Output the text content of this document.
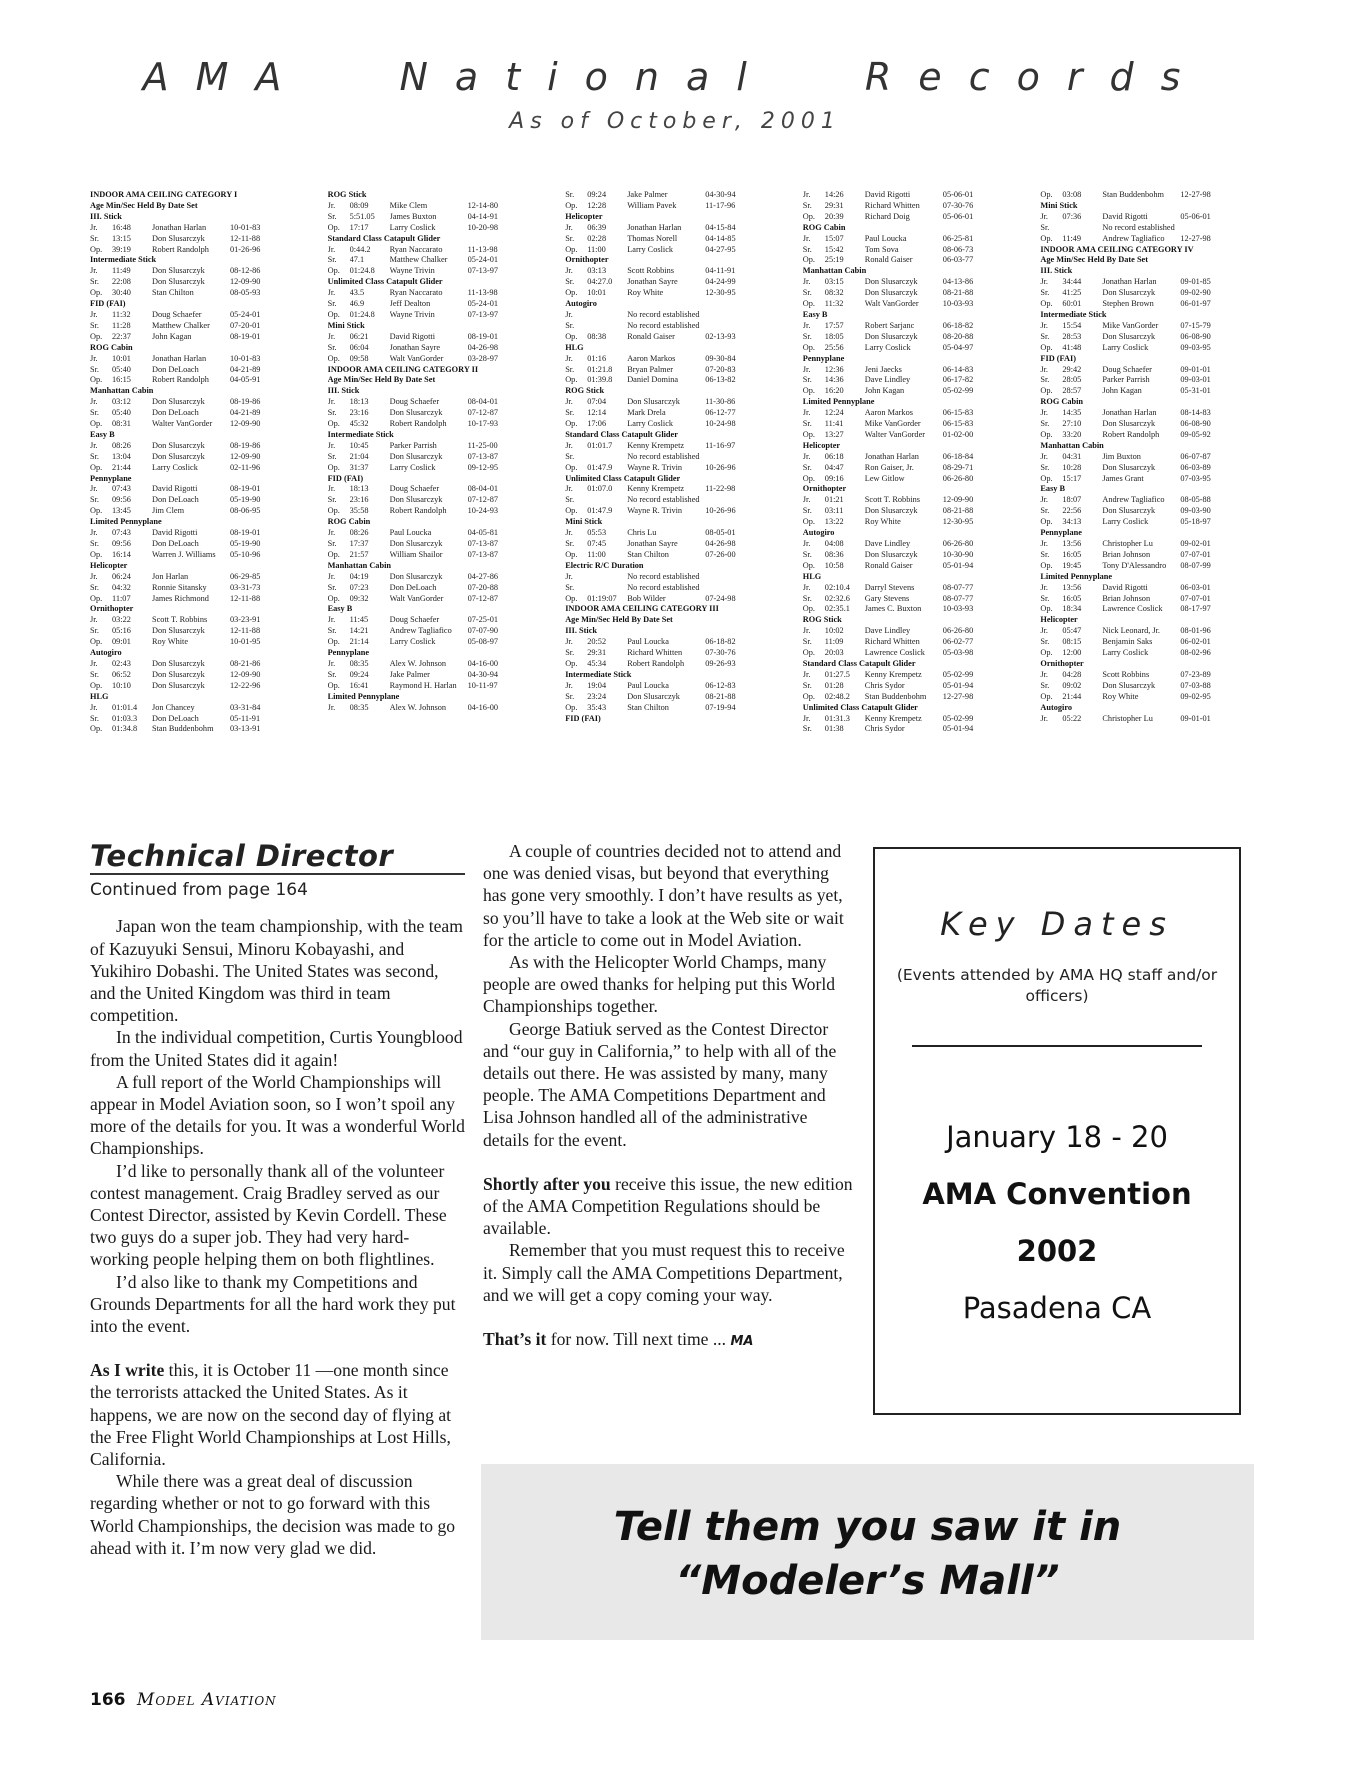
AMA National Records
As of October, 2001
INDOOR AMA CEILING CATEGORY I
Age Min/Sec Held By Date Set
III. Stick
Jr.	16:48	Jonathan Harlan	10-01-83
Sr.	13:15	Don Slusarczyk	12-11-88
Op.	39:19	Robert Randolph	01-26-96
Intermediate Stick
Jr.	11:49	Don Slusarczyk	08-12-86
Sr.	22:08	Don Slusarczyk	12-09-90
Op.	30:40	Stan Chilton	08-05-93
FID (FAI)
Jr.	11:32	Doug Schaefer	05-24-01
Sr.	11:28	Matthew Chalker	07-20-01
Op.	22:37	John Kagan	08-19-01
ROG Cabin
Jr.	10:01	Jonathan Harlan	10-01-83
Sr.	05:40	Don DeLoach	04-21-89
Op.	16:15	Robert Randolph	04-05-91
Manhattan Cabin
Jr.	03:12	Don Slusarczyk	08-19-86
Sr.	05:40	Don DeLoach	04-21-89
Op.	08:31	Walter VanGorder	12-09-90
Easy B
Jr.	08:26	Don Slusarczyk	08-19-86
Sr.	13:04	Don Slusarczyk	12-09-90
Op.	21:44	Larry Coslick	02-11-96
Pennyplane
Jr.	07:43	David Rigotti	08-19-01
Sr.	09:56	Don DeLoach	05-19-90
Op.	13:45	Jim Clem	08-06-95
Limited Pennyplane
Jr.	07:43	David Rigotti	08-19-01
Sr.	09:56	Don DeLoach	05-19-90
Op.	16:14	Warren J. Williams	05-10-96
Helicopter
Jr.	06:24	Jon Harlan	06-29-85
Sr.	04:32	Ronnie Sitansky	03-31-73
Op.	11:07	James Richmond	12-11-88
Ornithopter
Jr.	03:22	Scott T. Robbins	03-23-91
Sr.	05:16	Don Slusarczyk	12-11-88
Op.	09:01	Roy White	10-01-95
Autogiro
Jr.	02:43	Don Slusarczyk	08-21-86
Sr.	06:52	Don Slusarczyk	12-09-90
Op.	10:10	Don Slusarczyk	12-22-96
HLG
Jr.	01:01.4	Jon Chancey	03-31-84
Sr.	01:03.3	Don DeLoach	05-11-91
Op.	01:34.8	Stan Buddenbohm	03-13-91
ROG Stick
Jr.	08:09	Mike Clem	12-14-80
Sr.	5:51.05	James Buxton	04-14-91
Op.	17:17	Larry Coslick	10-20-98
Standard Class Catapult Glider
Jr.	0:44.2	Ryan Naccarato	11-13-98
Sr.	47.1	Matthew Chalker	05-24-01
Op.	01:24.8	Wayne Trivin	07-13-97
Unlimited Class Catapult Glider
Jr.	43.5	Ryan Naccarato	11-13-98
Sr.	46.9	Jeff Dealton	05-24-01
Op.	01:24.8	Wayne Trivin	07-13-97
Mini Stick
Jr.	06:21	David Rigotti	08-19-01
Sr.	06:04	Jonathan Sayre	04-26-98
Op.	09:58	Walt VanGorder	03-28-97
INDOOR AMA CEILING CATEGORY II
Age Min/Sec Held By Date Set
III. Stick
Jr.	18:13	Doug Schaefer	08-04-01
Sr.	23:16	Don Slusarczyk	07-12-87
Op.	45:32	Robert Randolph	10-17-93
Intermediate Stick
Jr.	10:45	Parker Parrish	11-25-00
Sr.	21:04	Don Slusarczyk	07-13-87
Op.	31:37	Larry Coslick	09-12-95
FID (FAI)
Jr.	18:13	Doug Schaefer	08-04-01
Sr.	23:16	Don Slusarczyk	07-12-87
Op.	35:58	Robert Randolph	10-24-93
ROG Cabin
Jr.	08:26	Paul Loucka	04-05-81
Sr.	17:37	Don Slusarczyk	07-13-87
Op.	21:57	William Shailor	07-13-87
Manhattan Cabin
Jr.	04:19	Don Slusarczyk	04-27-86
Sr.	07:23	Don DeLoach	07-20-88
Op.	09:32	Walt VanGorder	07-12-87
Easy B
Jr.	11:45	Doug Schaefer	07-25-01
Sr.	14:21	Andrew Tagliafico	07-07-90
Op.	21:14	Larry Coslick	05-08-97
Pennyplane
Jr.	08:35	Alex W. Johnson	04-16-00
Sr.	09:24	Jake Palmer	04-30-94
Op.	16:41	Raymond H. Harlan	10-11-97
Limited Pennyplane
Jr.	08:35	Alex W. Johnson	04-16-00
Sr.	09:24	Jake Palmer	04-30-94
Op.	12:28	William Pavek	11-17-96
Helicopter
Jr.	06:39	Jonathan Harlan	04-15-84
Sr.	02:28	Thomas Norell	04-14-85
Op.	11:00	Larry Coslick	04-27-95
Ornithopter
Jr.	03:13	Scott Robbins	04-11-91
Sr.	04:27.0	Jonathan Sayre	04-24-99
Op.	10:01	Roy White	12-30-95
Autogiro
Jr.	No record established
Sr.	No record established
Op.	08:38	Ronald Gaiser	02-13-93
HLG
Jr.	01:16	Aaron Markos	09-30-84
Sr.	01:21.8	Bryan Palmer	07-20-83
Op.	01:39.8	Daniel Domina	06-13-82
ROG Stick
Jr.	07:04	Don Slusarczyk	11-30-86
Sr.	12:14	Mark Drela	06-12-77
Op.	17:06	Larry Coslick	10-24-98
Standard Class Catapult Glider
Jr.	01:01.7	Kenny Krempetz	11-16-97
Sr.	No record established
Op.	01:47.9	Wayne R. Trivin	10-26-96
Unlimited Class Catapult Glider
Jr.	01:07.0	Kenny Krempetz	11-22-98
Sr.	No record established
Op.	01:47.9	Wayne R. Trivin	10-26-96
Mini Stick
Jr.	05:53	Chris Lu	08-05-01
Sr.	07:45	Jonathan Sayre	04-26-98
Op.	11:00	Stan Chilton	07-26-00
Electric R/C Duration
Jr.	No record established
Sr.	No record established
Op.	01:19:07	Bob Wilder	07-24-98
INDOOR AMA CEILING CATEGORY III
Age Min/Sec Held By Date Set
III. Stick
Jr.	20:52	Paul Loucka	06-18-82
Sr.	29:31	Richard Whitten	07-30-76
Op.	45:34	Robert Randolph	09-26-93
Intermediate Stick
Jr.	19:04	Paul Loucka	06-12-83
Sr.	23:24	Don Slusarczyk	08-21-88
Op.	35:43	Stan Chilton	07-19-94
FID (FAI)
Jr.	14:26	David Rigotti	05-06-01
Sr.	29:31	Richard Whitten	07-30-76
Op.	20:39	Richard Doig	05-06-01
ROG Cabin
Jr.	15:07	Paul Loucka	06-25-81
Sr.	15:42	Tom Sova	08-06-73
Op.	25:19	Ronald Gaiser	06-03-77
Manhattan Cabin
Jr.	03:15	Don Slusarczyk	04-13-86
Sr.	08:32	Don Slusarczyk	08-21-88
Op.	11:32	Walt VanGorder	10-03-93
Easy B
Jr.	17:57	Robert Sarjanc	06-18-82
Sr.	18:05	Don Slusarczyk	08-20-88
Op.	25:56	Larry Coslick	05-04-97
Pennyplane
Jr.	12:36	Jeni Jaecks	06-14-83
Sr.	14:36	Dave Lindley	06-17-82
Op.	16:20	John Kagan	05-02-99
Limited Pennyplane
Jr.	12:24	Aaron Markos	06-15-83
Sr.	11:41	Mike VanGorder	06-15-83
Op.	13:27	Walter VanGorder	01-02-00
Helicopter
Jr.	06:18	Jonathan Harlan	06-18-84
Sr.	04:47	Ron Gaiser, Jr.	08-29-71
Op.	09:16	Lew Gitlow	06-26-80
Ornithopter
Jr.	01:21	Scott T. Robbins	12-09-90
Sr.	03:11	Don Slusarczyk	08-21-88
Op.	13:22	Roy White	12-30-95
Autogiro
Jr.	04:08	Dave Lindley	06-26-80
Sr.	08:36	Don Slusarczyk	10-30-90
Op.	10:58	Ronald Gaiser	05-01-94
HLG
Jr.	02:10.4	Darryl Stevens	08-07-77
Sr.	02:32.6	Gary Stevens	08-07-77
Op.	02:35.1	James C. Buxton	10-03-93
ROG Stick
Jr.	10:02	Dave Lindley	06-26-80
Sr.	11:09	Richard Whitten	06-02-77
Op.	20:03	Lawrence Coslick	05-03-98
Standard Class Catapult Glider
Jr.	01:27.5	Kenny Krempetz	05-02-99
Sr.	01:28	Chris Sydor	05-01-94
Op.	02:48.2	Stan Buddenbohm	12-27-98
Unlimited Class Catapult Glider
Jr.	01:31.3	Kenny Krempetz	05-02-99
Sr.	01:38	Chris Sydor	05-01-94
Op.	03:08	Stan Buddenbohm	12-27-98
Mini Stick
Jr.	07:36	David Rigotti	05-06-01
Sr.	No record established
Op.	11:49	Andrew Tagliafico	12-27-98
INDOOR AMA CEILING CATEGORY IV
Age Min/Sec Held By Date Set
III. Stick
Jr.	34:44	Jonathan Harlan	09-01-85
Sr.	41:25	Don Slusarczyk	09-02-90
Op.	60:01	Stephen Brown	06-01-97
Intermediate Stick
Jr.	15:54	Mike VanGorder	07-15-79
Sr.	28:53	Don Slusarczyk	06-08-90
Op.	41:48	Larry Coslick	09-03-95
FID (FAI)
Jr.	29:42	Doug Schaefer	09-01-01
Sr.	28:05	Parker Parrish	09-03-01
Op.	28:57	John Kagan	05-31-01
ROG Cabin
Jr.	14:35	Jonathan Harlan	08-14-83
Sr.	27:10	Don Slusarczyk	06-08-90
Op.	33:20	Robert Randolph	09-05-92
Manhattan Cabin
Jr.	04:31	Jim Buxton	06-07-87
Sr.	10:28	Don Slusarczyk	06-03-89
Op.	15:17	James Grant	07-03-95
Easy B
Jr.	18:07	Andrew Tagliafico	08-05-88
Sr.	22:56	Don Slusarczyk	09-03-90
Op.	34:13	Larry Coslick	05-18-97
Pennyplane
Jr.	13:56	Christopher Lu	09-02-01
Sr.	16:05	Brian Johnson	07-07-01
Op.	19:45	Tony D'Alessandro	08-07-99
Limited Pennyplane
Jr.	13:56	David Rigotti	06-03-01
Sr.	16:05	Brian Johnson	07-07-01
Op.	18:34	Lawrence Coslick	08-17-97
Helicopter
Jr.	05:47	Nick Leonard, Jr.	08-01-96
Sr.	08:15	Benjamin Saks	06-02-01
Op.	12:00	Larry Coslick	08-02-96
Ornithopter
Jr.	04:28	Scott Robbins	07-23-89
Sr.	09:02	Don Slusarczyk	07-03-88
Op.	21:44	Roy White	09-02-95
Autogiro
Jr.	05:22	Christopher Lu	09-01-01
Technical Director
Continued from page 164

Japan won the team championship, with the team of Kazuyuki Sensui, Minoru Kobayashi, and Yukihiro Dobashi. The United States was second, and the United Kingdom was third in team competition.

In the individual competition, Curtis Youngblood from the United States did it again!

A full report of the World Championships will appear in Model Aviation soon, so I won’t spoil any more of the details for you. It was a wonderful World Championships.

I’d like to personally thank all of the volunteer contest management. Craig Bradley served as our Contest Director, assisted by Kevin Cordell. These two guys do a super job. They had very hard-working people helping them on both flightlines.

I’d also like to thank my Competitions and Grounds Departments for all the hard work they put into the event.

As I write this, it is October 11 —one month since the terrorists attacked the United States. As it happens, we are now on the second day of flying at the Free Flight World Championships at Lost Hills, California.

While there was a great deal of discussion regarding whether or not to go forward with this World Championships, the decision was made to go ahead with it. I’m now very glad we did.

A couple of countries decided not to attend and one was denied visas, but beyond that everything has gone very smoothly. I don’t have results as yet, so you’ll have to take a look at the Web site or wait for the article to come out in Model Aviation.

As with the Helicopter World Champs, many people are owed thanks for helping put this World Championships together.

George Batiuk served as the Contest Director and “our guy in California,” to help with all of the details out there. He was assisted by many, many people. The AMA Competitions Department and Lisa Johnson handled all of the administrative details for the event.

Shortly after you receive this issue, the new edition of the AMA Competition Regulations should be available.

Remember that you must request this to receive it. Simply call the AMA Competitions Department, and we will get a copy coming your way.

That’s it for now. Till next time ... MA

Key Dates
(Events attended by AMA HQ staff and/or officers)
January 18 - 20
AMA Convention
2002
Pasadena CA
Tell them you saw it in
“Modeler’s Mall”
166 Model Aviation
